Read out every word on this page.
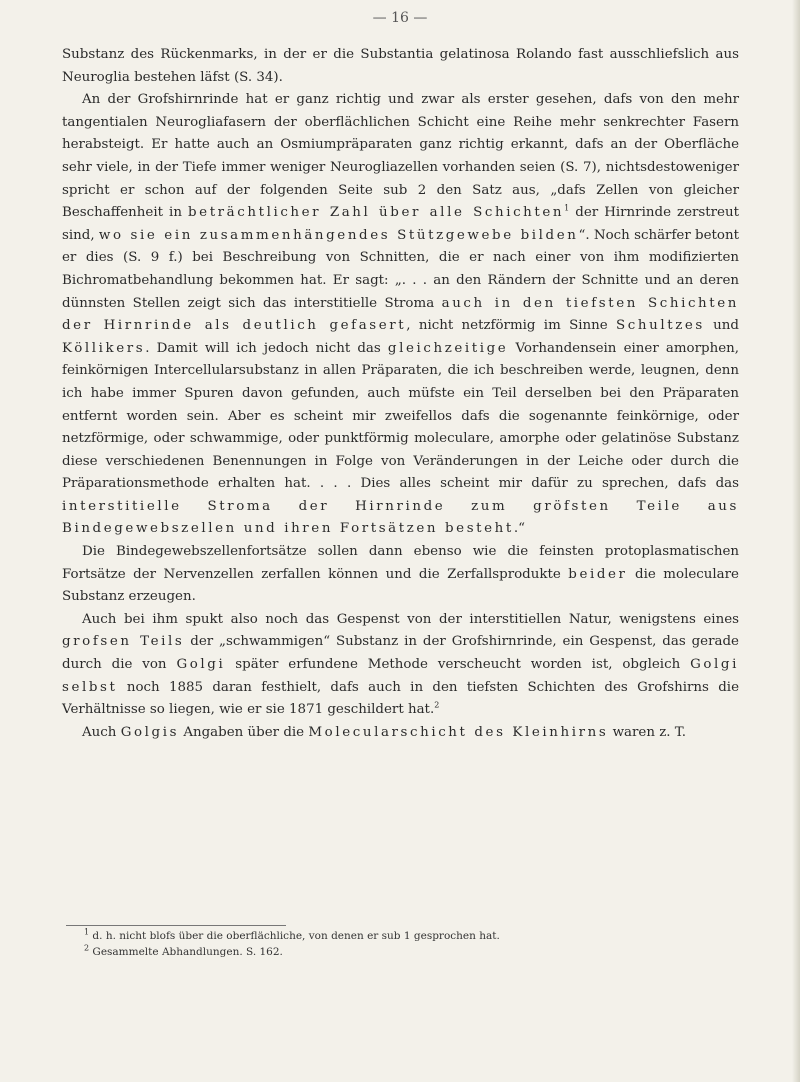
— 16 —

Substanz des Rückenmarks, in der er die Substantia gelatinosa Rolando fast ausschliefslich aus Neuroglia bestehen läfst (S. 34).

An der Grofshirnrinde hat er ganz richtig und zwar als erster gesehen, dafs von den mehr tangentialen Neurogliafasern der oberflächlichen Schicht eine Reihe mehr senkrechter Fasern herabsteigt. Er hatte auch an Osmiumpräparaten ganz richtig erkannt, dafs an der Oberfläche sehr viele, in der Tiefe immer weniger Neurogliazellen vorhanden seien (S. 7), nichtsdestoweniger spricht er schon auf der folgenden Seite sub 2 den Satz aus, „dafs Zellen von gleicher Beschaffenheit in beträchtlicher Zahl über alle Schichten$^1$ der Hirnrinde zerstreut sind, wo sie ein zusammenhängendes Stützgewebe bilden“. Noch schärfer betont er dies (S. 9 f.) bei Beschreibung von Schnitten, die er nach einer von ihm modifizierten Bichromatbehandlung bekommen hat. Er sagt: „. . . an den Rändern der Schnitte und an deren dünnsten Stellen zeigt sich das interstitielle Stroma auch in den tiefsten Schichten der Hirnrinde als deutlich gefasert, nicht netzförmig im Sinne Schultzes und Köllikers. Damit will ich jedoch nicht das gleichzeitige Vorhandensein einer amorphen, feinkörnigen Intercellularsubstanz in allen Präparaten, die ich beschreiben werde, leugnen, denn ich habe immer Spuren davon gefunden, auch müfste ein Teil derselben bei den Präparaten entfernt worden sein. Aber es scheint mir zweifellos dafs die sogenannte feinkörnige, oder netzförmige, oder schwammige, oder punktförmig moleculare, amorphe oder gelatinöse Substanz diese verschiedenen Benennungen in Folge von Veränderungen in der Leiche oder durch die Präparationsmethode erhalten hat. . . . Dies alles scheint mir dafür zu sprechen, dafs das interstitielle Stroma der Hirnrinde zum gröfsten Teile aus Bindegewebszellen und ihren Fortsätzen besteht.“

Die Bindegewebszellenfortsätze sollen dann ebenso wie die feinsten protoplasmatischen Fortsätze der Nervenzellen zerfallen können und die Zerfallsprodukte beider die moleculare Substanz erzeugen.

Auch bei ihm spukt also noch das Gespenst von der interstitiellen Natur, wenigstens eines grofsen Teils der „schwammigen“ Substanz in der Grofshirnrinde, ein Gespenst, das gerade durch die von Golgi später erfundene Methode verscheucht worden ist, obgleich Golgi selbst noch 1885 daran festhielt, dafs auch in den tiefsten Schichten des Grofshirns die Verhältnisse so liegen, wie er sie 1871 geschildert hat.$^2$

Auch Golgis Angaben über die Molecularschicht des Kleinhirns waren z. T.

$^1$ d. h. nicht blofs über die oberflächliche, von denen er sub 1 gesprochen hat.

$^2$ Gesammelte Abhandlungen. S. 162.
